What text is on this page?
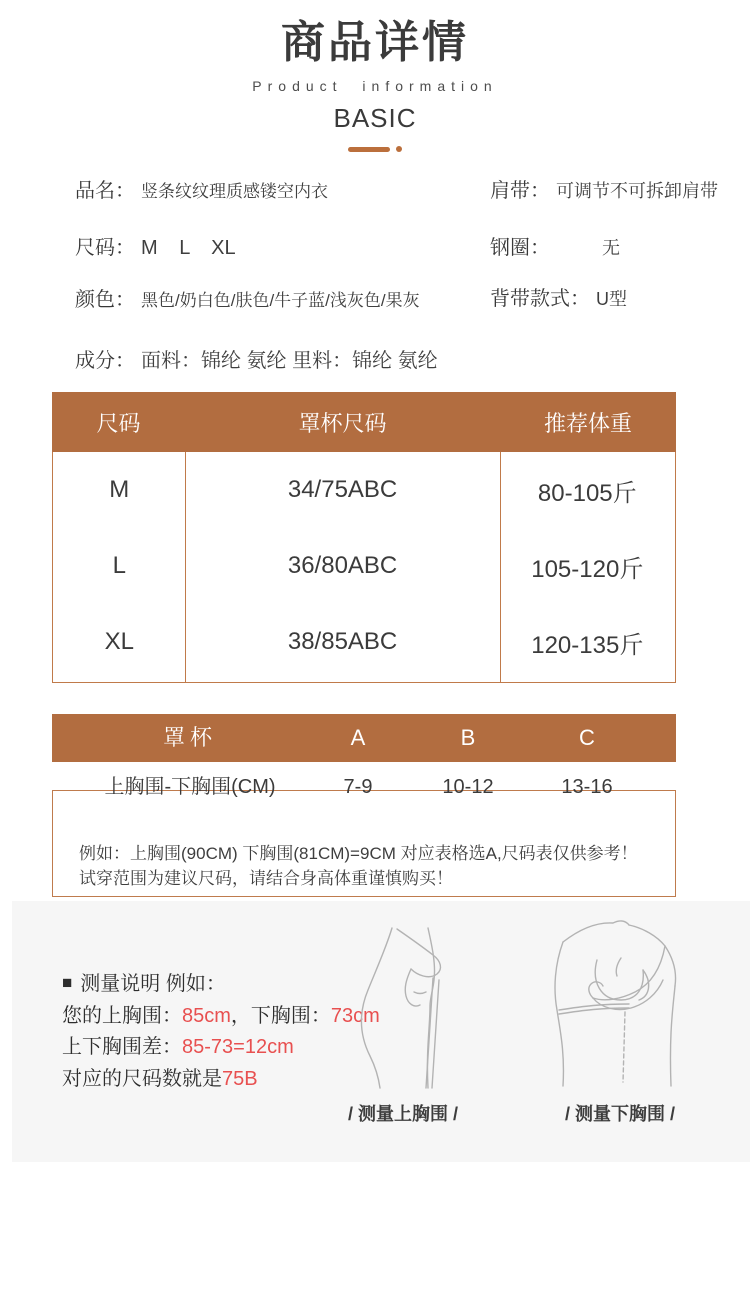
商品详情
Product information
BASIC
品名： 竖条纹纹理质感镂空内衣
尺码： M L XL
颜色： 黑色/奶白色/肤色/牛子蓝/浅灰色/果灰
成分： 面料：锦纶 氨纶 里料：锦纶 氨纶
肩带： 可调节不可拆卸肩带
钢圈：	无
背带款式： U型
尺码	罩杯尺码	推荐体重
M	34/75ABC	80-105斤
L	36/80ABC	105-120斤
XL	38/85ABC	120-135斤
罩杯	A	B	C
上胸围-下胸围(CM)	7-9	10-12	13-16
例如：上胸围(90CM) 下胸围(81CM)=9CM 对应表格选A,尺码表仅供参考！
试穿范围为建议尺码，请结合身高体重谨慎购买！
■ 测量说明 例如：
您的上胸围：85cm，下胸围：73cm
上下胸围差：85-73=12cm
对应的尺码数就是75B
/ 测量上胸围 /	/ 测量下胸围 /
